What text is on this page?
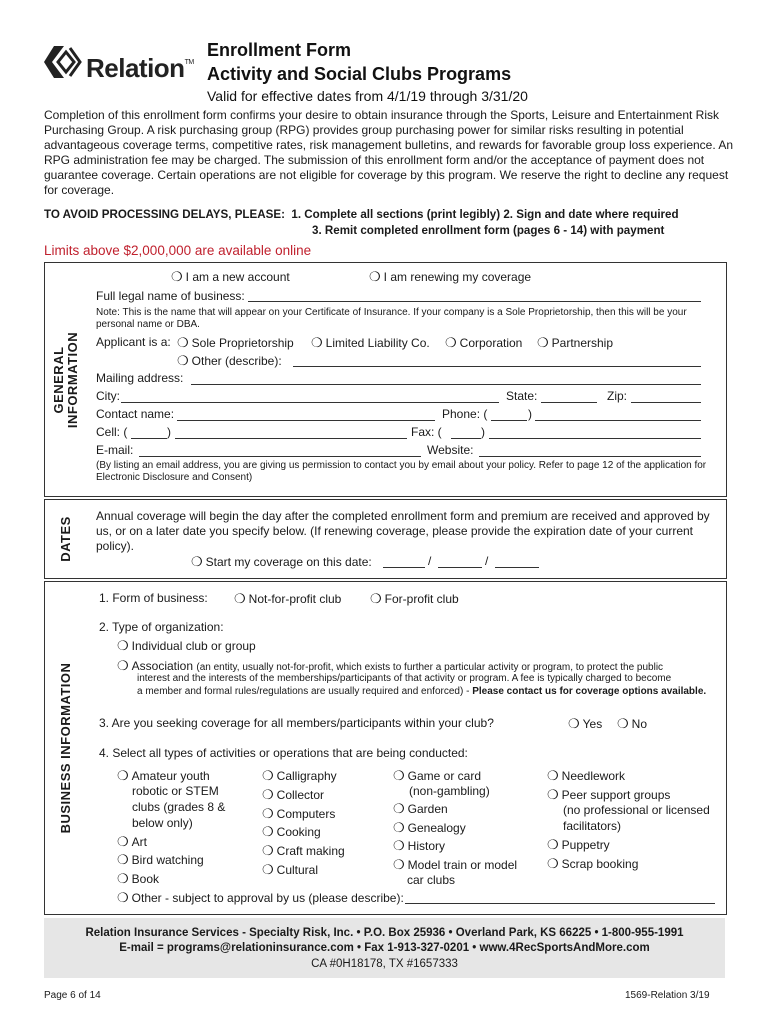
Relation™
Enrollment Form
Activity and Social Clubs Programs
Valid for effective dates from 4/1/19 through 3/31/20
Completion of this enrollment form confirms your desire to obtain insurance through the Sports, Leisure and Entertainment Risk Purchasing Group. A risk purchasing group (RPG) provides group purchasing power for similar risks resulting in potential advantageous coverage terms, competitive rates, risk management bulletins, and rewards for favorable group loss experience. An RPG administration fee may be charged. The submission of this enrollment form and/or the acceptance of payment does not guarantee coverage. Certain operations are not eligible for coverage by this program. We reserve the right to decline any request for coverage.
TO AVOID PROCESSING DELAYS, PLEASE: 1. Complete all sections (print legibly) 2. Sign and date where required
3. Remit completed enrollment form (pages 6 - 14) with payment
Limits above $2,000,000 are available online
GENERAL INFORMATION
❍ I am a new account	❍ I am renewing my coverage
Full legal name of business:
Note: This is the name that will appear on your Certificate of Insurance. If your company is a Sole Proprietorship, then this will be your personal name or DBA.
Applicant is a: ❍ Sole Proprietorship ❍ Limited Liability Co. ❍ Corporation ❍ Partnership
❍ Other (describe):
Mailing address:
City:	State:	Zip:
Contact name:	Phone: (	)
Cell: (	)	Fax: (	)
E-mail:	Website:
(By listing an email address, you are giving us permission to contact you by email about your policy. Refer to page 12 of the application for Electronic Disclosure and Consent)
DATES
Annual coverage will begin the day after the completed enrollment form and premium are received and approved by us, or on a later date you specify below. (If renewing coverage, please provide the expiration date of your current policy).
❍ Start my coverage on this date:	/	/
BUSINESS INFORMATION
1. Form of business: ❍ Not-for-profit club ❍ For-profit club
2. Type of organization:
❍ Individual club or group
❍ Association (an entity, usually not-for-profit, which exists to further a particular activity or program, to protect the public
interest and the interests of the memberships/participants of that activity or program. A fee is typically charged to become
a member and formal rules/regulations are usually required and enforced) - Please contact us for coverage options available.
3. Are you seeking coverage for all members/participants within your club?	❍ Yes ❍ No
4. Select all types of activities or operations that are being conducted:
❍ Amateur youth
robotic or STEM
clubs (grades 8 &
below only)
❍ Art
❍ Bird watching
❍ Book
❍ Calligraphy
❍ Collector
❍ Computers
❍ Cooking
❍ Craft making
❍ Cultural
❍ Game or card
(non-gambling)
❍ Garden
❍ Genealogy
❍ History
❍ Model train or model
car clubs
❍ Needlework
❍ Peer support groups
(no professional or licensed
facilitators)
❍ Puppetry
❍ Scrap booking
❍ Other - subject to approval by us (please describe):
Relation Insurance Services - Specialty Risk, Inc. • P.O. Box 25936 • Overland Park, KS 66225 • 1-800-955-1991
E-mail = programs@relationinsurance.com • Fax 1-913-327-0201 • www.4RecSportsAndMore.com
CA #0H18178, TX #1657333
Page 6 of 14	1569-Relation 3/19
